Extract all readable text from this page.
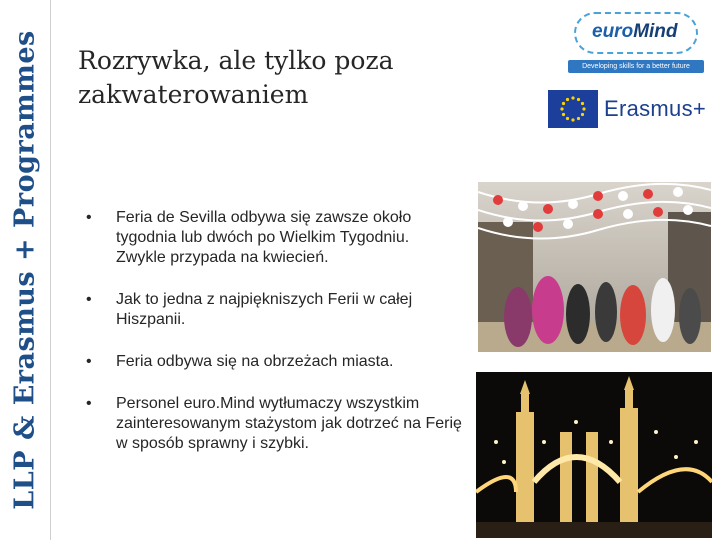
LLP & Erasmus + Programmes Rozrywka, ale tylko poza zakwaterowaniem
• Feria de Sevilla odbywa się zawsze około tygodnia lub dwóch po Wielkim Tygodniu. Zwykle przypada na kwiecień.
• Jak to jedna z najpiękniszych Ferii w całej Hiszpanii.
• Feria odbywa się na obrzeżach miasta.
• Personel euro.Mind wytłumaczy wszystkim zainteresowanym stażystom jak dotrzeć na Ferię w sposób sprawny i szybki.
euroMind
Developing skills for a better future
Erasmus+
